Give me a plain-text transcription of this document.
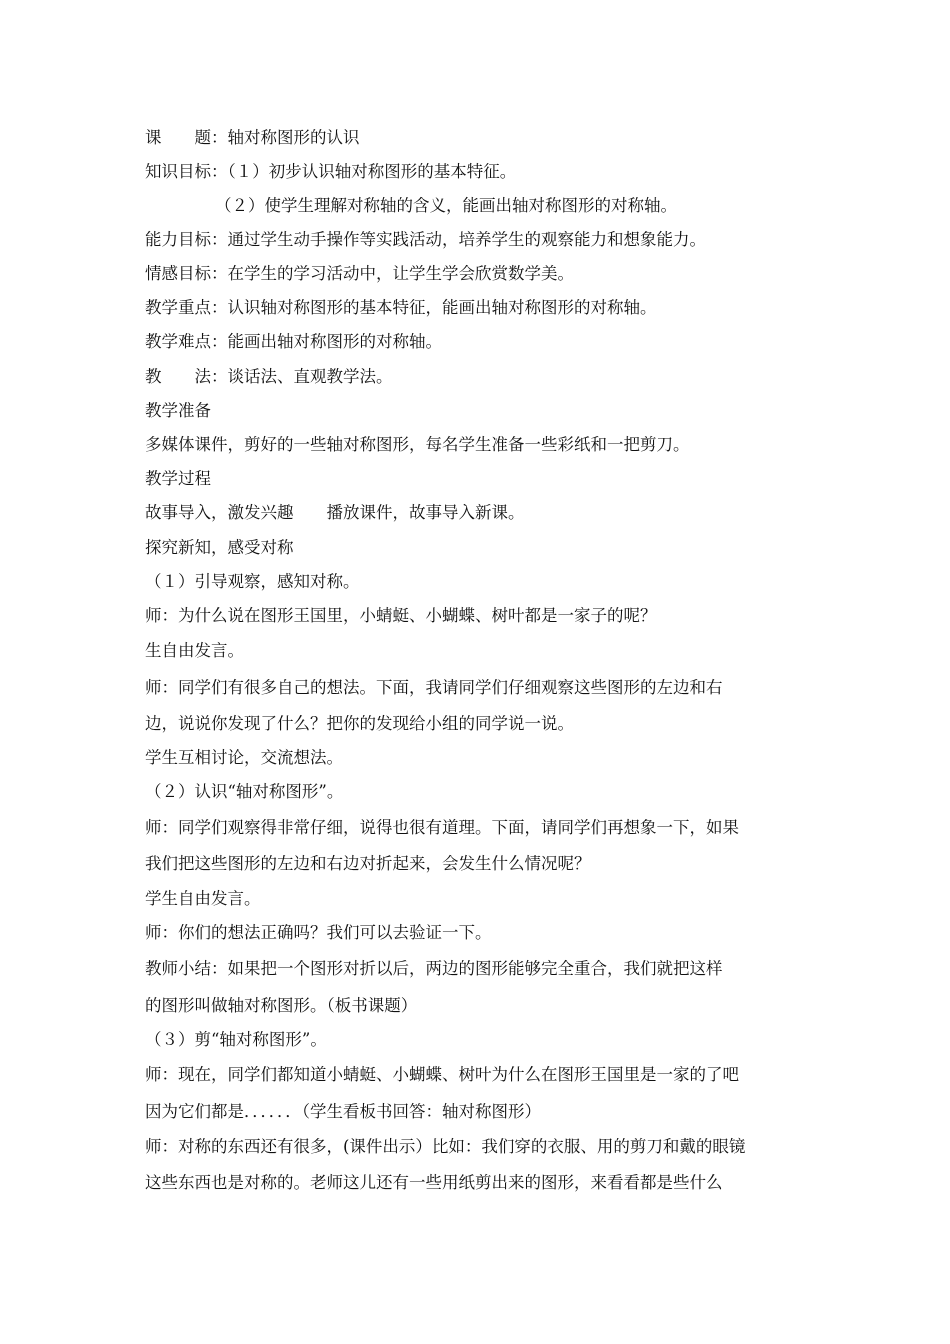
课　　题：轴对称图形的认识
知识目标：（１）初步认识轴对称图形的基本特征。
（２）使学生理解对称轴的含义，能画出轴对称图形的对称轴。
能力目标：通过学生动手操作等实践活动，培养学生的观察能力和想象能力。
情感目标：在学生的学习活动中，让学生学会欣赏数学美。
教学重点：认识轴对称图形的基本特征，能画出轴对称图形的对称轴。
教学难点：能画出轴对称图形的对称轴。
教　　法：谈话法、直观教学法。
教学准备
多媒体课件，剪好的一些轴对称图形，每名学生准备一些彩纸和一把剪刀。
教学过程
故事导入，激发兴趣　　播放课件，故事导入新课。
探究新知，感受对称
（１）引导观察，感知对称。
师：为什么说在图形王国里，小蜻蜓、小蝴蝶、树叶都是一家子的呢？
生自由发言。
师：同学们有很多自己的想法。下面，我请同学们仔细观察这些图形的左边和右
边，说说你发现了什么？把你的发现给小组的同学说一说。
学生互相讨论，交流想法。
（２）认识“轴对称图形”。
师：同学们观察得非常仔细，说得也很有道理。下面，请同学们再想象一下，如果
我们把这些图形的左边和右边对折起来，会发生什么情况呢？
学生自由发言。
师：你们的想法正确吗？我们可以去验证一下。
教师小结：如果把一个图形对折以后，两边的图形能够完全重合，我们就把这样
的图形叫做轴对称图形。（板书课题）
（３）剪“轴对称图形”。
师：现在，同学们都知道小蜻蜓、小蝴蝶、树叶为什么在图形王国里是一家的了吧
因为它们都是．．．．．．（学生看板书回答：轴对称图形）
师：对称的东西还有很多，(课件出示）比如：我们穿的衣服、用的剪刀和戴的眼镜
这些东西也是对称的。老师这儿还有一些用纸剪出来的图形，来看看都是些什么
